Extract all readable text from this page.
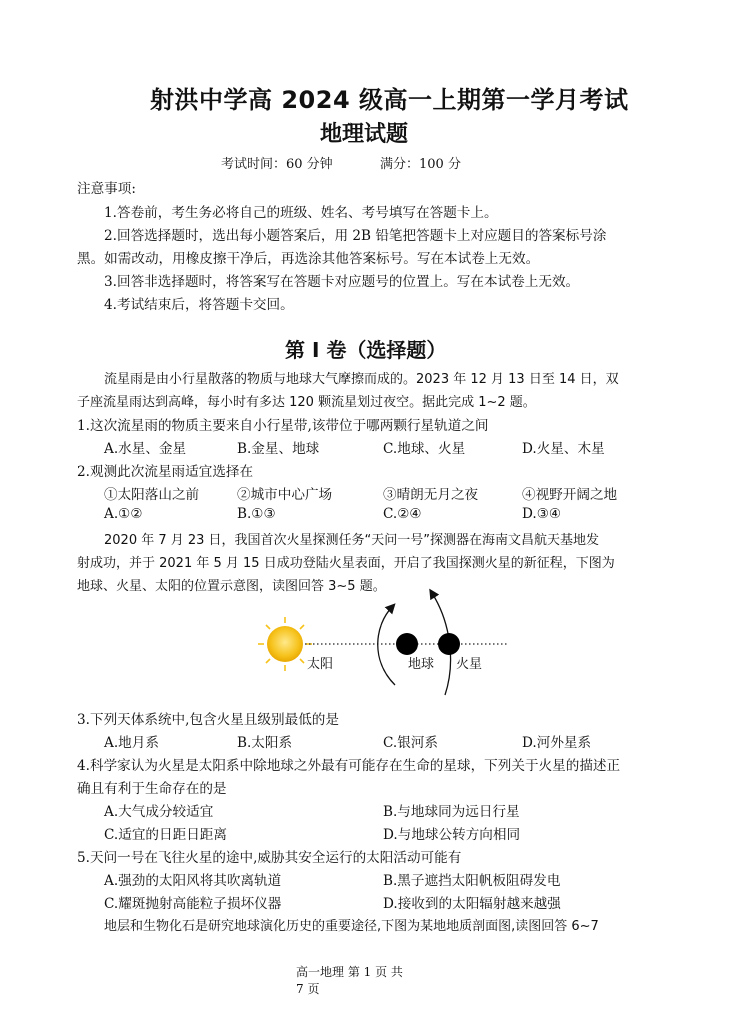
射洪中学高 2024 级高一上期第一学月考试
地理试题
考试时间：60 分钟	满分：100 分
注意事项:
1.答卷前，考生务必将自己的班级、姓名、考号填写在答题卡上。
2.回答选择题时，选出每小题答案后，用 2B 铅笔把答题卡上对应题目的答案标号涂
黑。如需改动，用橡皮擦干净后，再选涂其他答案标号。写在本试卷上无效。
3.回答非选择题时，将答案写在答题卡对应题号的位置上。写在本试卷上无效。
4.考试结束后，将答题卡交回。
第 I 卷（选择题）
流星雨是由小行星散落的物质与地球大气摩擦而成的。2023 年 12 月 13 日至 14 日，双
子座流星雨达到高峰，每小时有多达 120 颗流星划过夜空。据此完成 1~2 题。
1.这次流星雨的物质主要来自小行星带,该带位于哪两颗行星轨道之间
A.水星、金星	B.金星、地球	C.地球、火星	D.火星、木星
2.观测此次流星雨适宜选择在
①太阳落山之前	②城市中心广场	③晴朗无月之夜	④视野开阔之地
A.①②	B.①③	C.②④	D.③④
2020 年 7 月 23 日，我国首次火星探测任务“天问一号”探测器在海南文昌航天基地发
射成功，并于 2021 年 5 月 15 日成功登陆火星表面，开启了我国探测火星的新征程，下图为
地球、火星、太阳的位置示意图，读图回答 3~5 题。
太阳	地球 火星
3.下列天体系统中,包含火星且级别最低的是
A.地月系	B.太阳系	C.银河系	D.河外星系
4.科学家认为火星是太阳系中除地球之外最有可能存在生命的星球，下列关于火星的描述正
确且有利于生命存在的是
A.大气成分较适宜	B.与地球同为远日行星
C.适宜的日距日距离	D.与地球公转方向相同
5.天问一号在飞往火星的途中,威胁其安全运行的太阳活动可能有
A.强劲的太阳风将其吹离轨道	B.黑子遮挡太阳帆板阻碍发电
C.耀斑抛射高能粒子损坏仪器	D.接收到的太阳辐射越来越强
地层和生物化石是研究地球演化历史的重要途径,下图为某地地质剖面图,读图回答 6~7
高一地理 第 1 页 共
7 页
